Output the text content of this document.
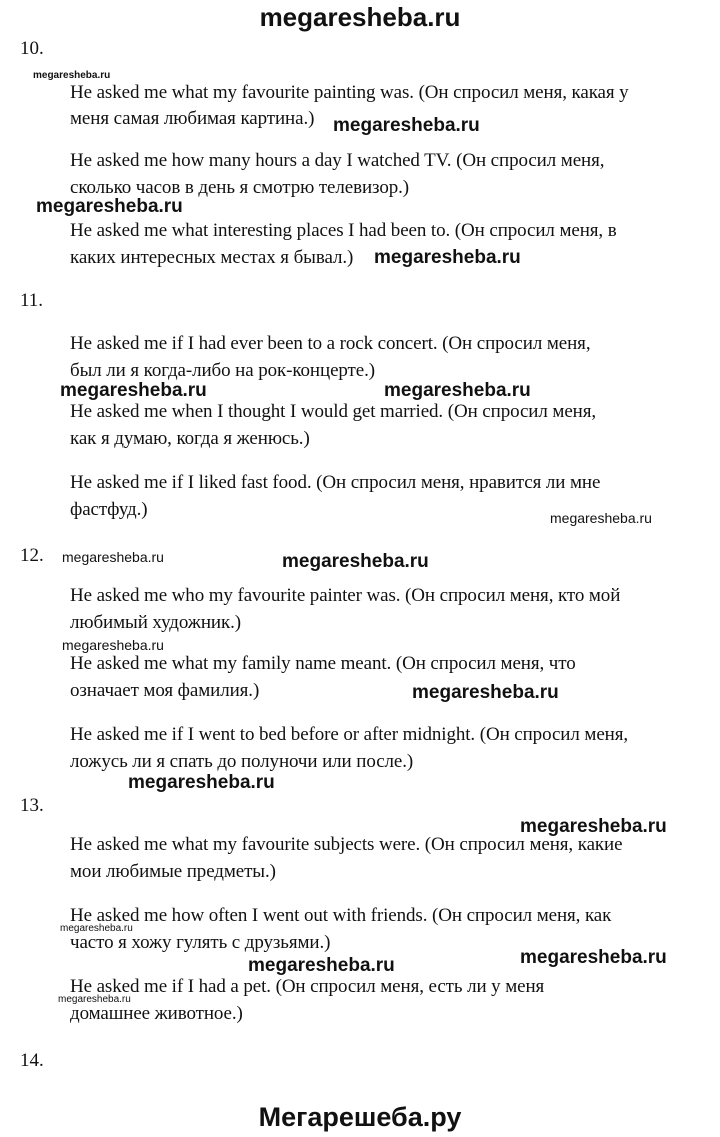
megaresheba.ru
10.
He asked me what my favourite painting was. (Он спросил меня, какая у
меня самая любимая картина.)
He asked me how many hours a day I watched TV. (Он спросил меня,
сколько часов в день я смотрю телевизор.)
He asked me what interesting places I had been to. (Он спросил меня, в
каких интересных местах я бывал.)
11.
He asked me if I had ever been to a rock concert. (Он спросил меня,
был ли я когда-либо на рок-концерте.)
He asked me when I thought I would get married. (Он спросил меня,
как я думаю, когда я женюсь.)
He asked me if I liked fast food. (Он спросил меня, нравится ли мне
фастфуд.)
12.
He asked me who my favourite painter was. (Он спросил меня, кто мой
любимый художник.)
He asked me what my family name meant. (Он спросил меня, что
означает моя фамилия.)
He asked me if I went to bed before or after midnight. (Он спросил меня,
ложусь ли я спать до полуночи или после.)
13.
He asked me what my favourite subjects were. (Он спросил меня, какие
мои любимые предметы.)
He asked me how often I went out with friends. (Он спросил меня, как
часто я хожу гулять с друзьями.)
He asked me if I had a pet. (Он спросил меня, есть ли у меня
домашнее животное.)
14.
megaresheba.ru
megaresheba.ru
megaresheba.ru
megaresheba.ru
megaresheba.ru	megaresheba.ru
megaresheba.ru
megaresheba.ru	megaresheba.ru
megaresheba.ru
megaresheba.ru
megaresheba.ru
megaresheba.ru
megaresheba.ru
megaresheba.ru
megaresheba.ru
megaresheba.ru
Мегарешеба.ру
